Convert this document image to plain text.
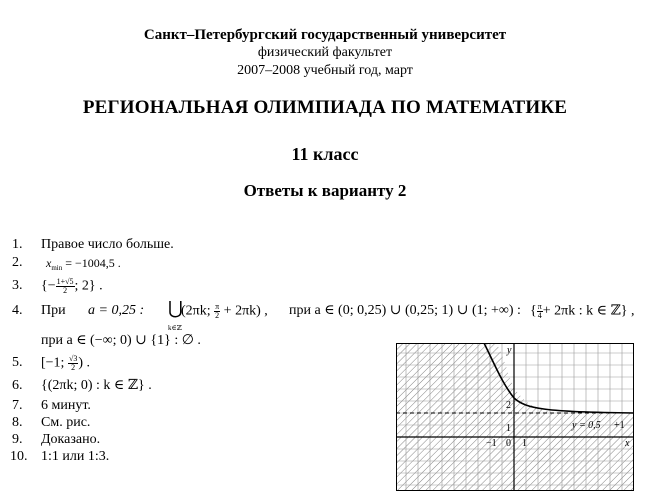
Санкт–Петербургский государственный университет
физический факультет
2007–2008 учебный год, март
РЕГИОНАЛЬНАЯ ОЛИМПИАДА ПО МАТЕМАТИКЕ
11 класс
Ответы к варианту 2
1. Правое число больше.
2. $x_{min} = -1004,5$ .
3. {− $\frac{1+√5}{2}$ ; 2} .
4. При a = 0,25 : ⋃
k∈ℤ
(2πk; $\frac{\pi}{2} + 2\pi k$) , при a ∈ (0; 0,25) ∪ (0,25; 1) ∪ (1; +∞) : { $\frac{\pi}{4} + 2\pi k$ : k ∈ ℤ} ,
при a ∈ (−∞; 0) ∪ {1} : ∅ .
5. [−1; $\frac{√3}{2}$ ) .
6. {(2πk; 0) : k ∈ ℤ} .
7. 6 минут.
8. См. рис.
9. Доказано.
10. 1:1 или 1:3.
y
x
2
1
−1 0 1
y = 0,5 +1
